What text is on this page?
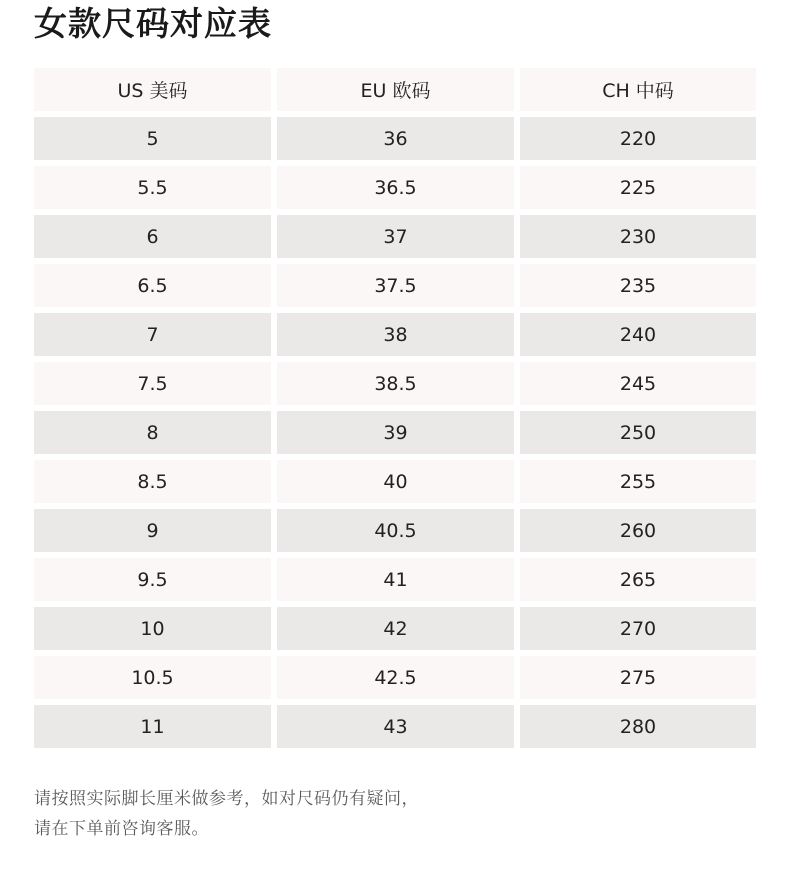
女款尺码对应表
US 美码	EU 欧码	CH 中码
5	36	220
5.5	36.5	225
6	37	230
6.5	37.5	235
7	38	240
7.5	38.5	245
8	39	250
8.5	40	255
9	40.5	260
9.5	41	265
10	42	270
10.5	42.5	275
11	43	280
请按照实际脚长厘米做参考，如对尺码仍有疑问，
请在下单前咨询客服。
